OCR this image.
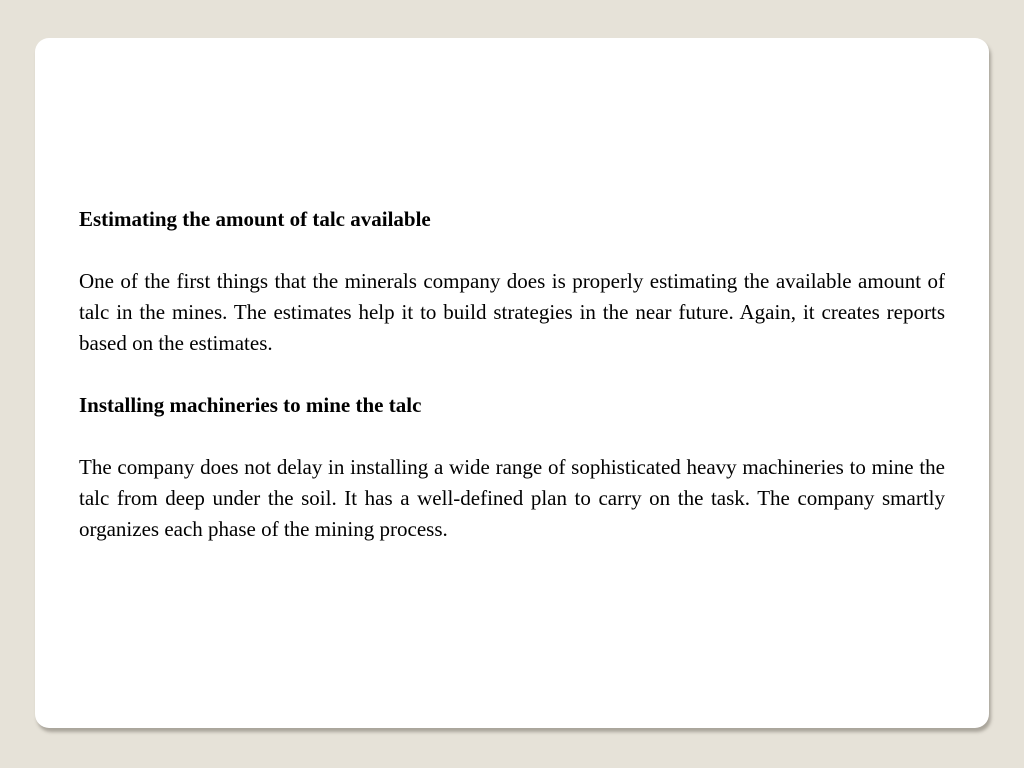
Estimating the amount of talc available

One of the first things that the minerals company does is properly estimating the available amount of talc in the mines. The estimates help it to build strategies in the near future. Again, it creates reports based on the estimates.

Installing machineries to mine the talc

The company does not delay in installing a wide range of sophisticated heavy machineries to mine the talc from deep under the soil. It has a well-defined plan to carry on the task. The company smartly organizes each phase of the mining process.
